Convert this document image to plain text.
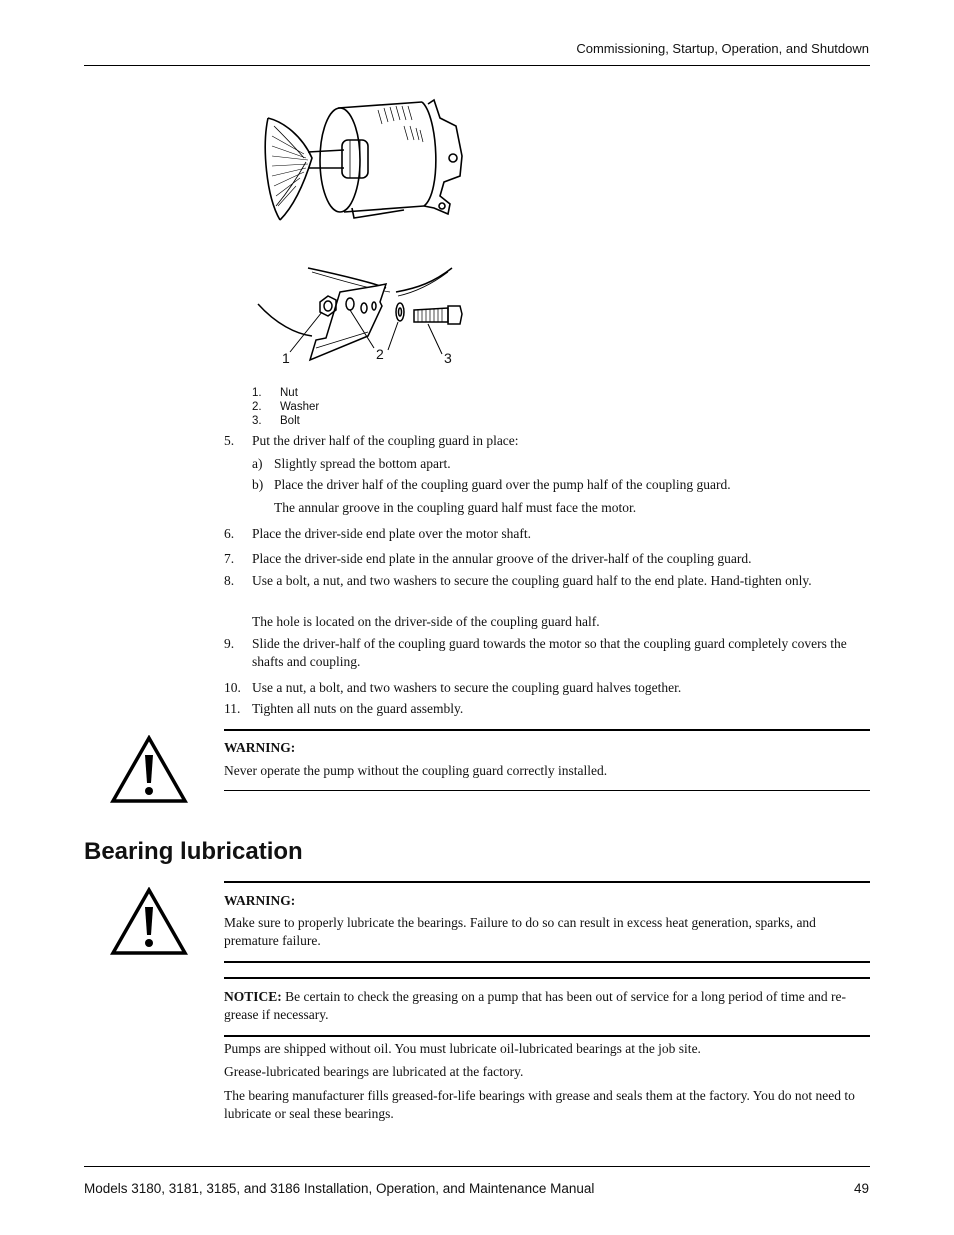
Commissioning, Startup, Operation, and Shutdown
1	2	3
1. Nut
2. Washer
3. Bolt
5. Put the driver half of the coupling guard in place:
a) Slightly spread the bottom apart.
b) Place the driver half of the coupling guard over the pump half of the coupling guard.
The annular groove in the coupling guard half must face the motor.
6. Place the driver-side end plate over the motor shaft.
7. Place the driver-side end plate in the annular groove of the driver-half of the coupling guard.
8. Use a bolt, a nut, and two washers to secure the coupling guard half to the end plate. Hand-tighten only.
The hole is located on the driver-side of the coupling guard half.
9. Slide the driver-half of the coupling guard towards the motor so that the coupling guard completely covers the shafts and coupling.
10. Use a nut, a bolt, and two washers to secure the coupling guard halves together.
11. Tighten all nuts on the guard assembly.
WARNING:
Never operate the pump without the coupling guard correctly installed.
Bearing lubrication
WARNING:
Make sure to properly lubricate the bearings. Failure to do so can result in excess heat generation, sparks, and premature failure.
NOTICE: Be certain to check the greasing on a pump that has been out of service for a long period of time and re-grease if necessary.
Pumps are shipped without oil. You must lubricate oil-lubricated bearings at the job site.
Grease-lubricated bearings are lubricated at the factory.
The bearing manufacturer fills greased-for-life bearings with grease and seals them at the factory. You do not need to lubricate or seal these bearings.
Models 3180, 3181, 3185, and 3186 Installation, Operation, and Maintenance Manual	49
